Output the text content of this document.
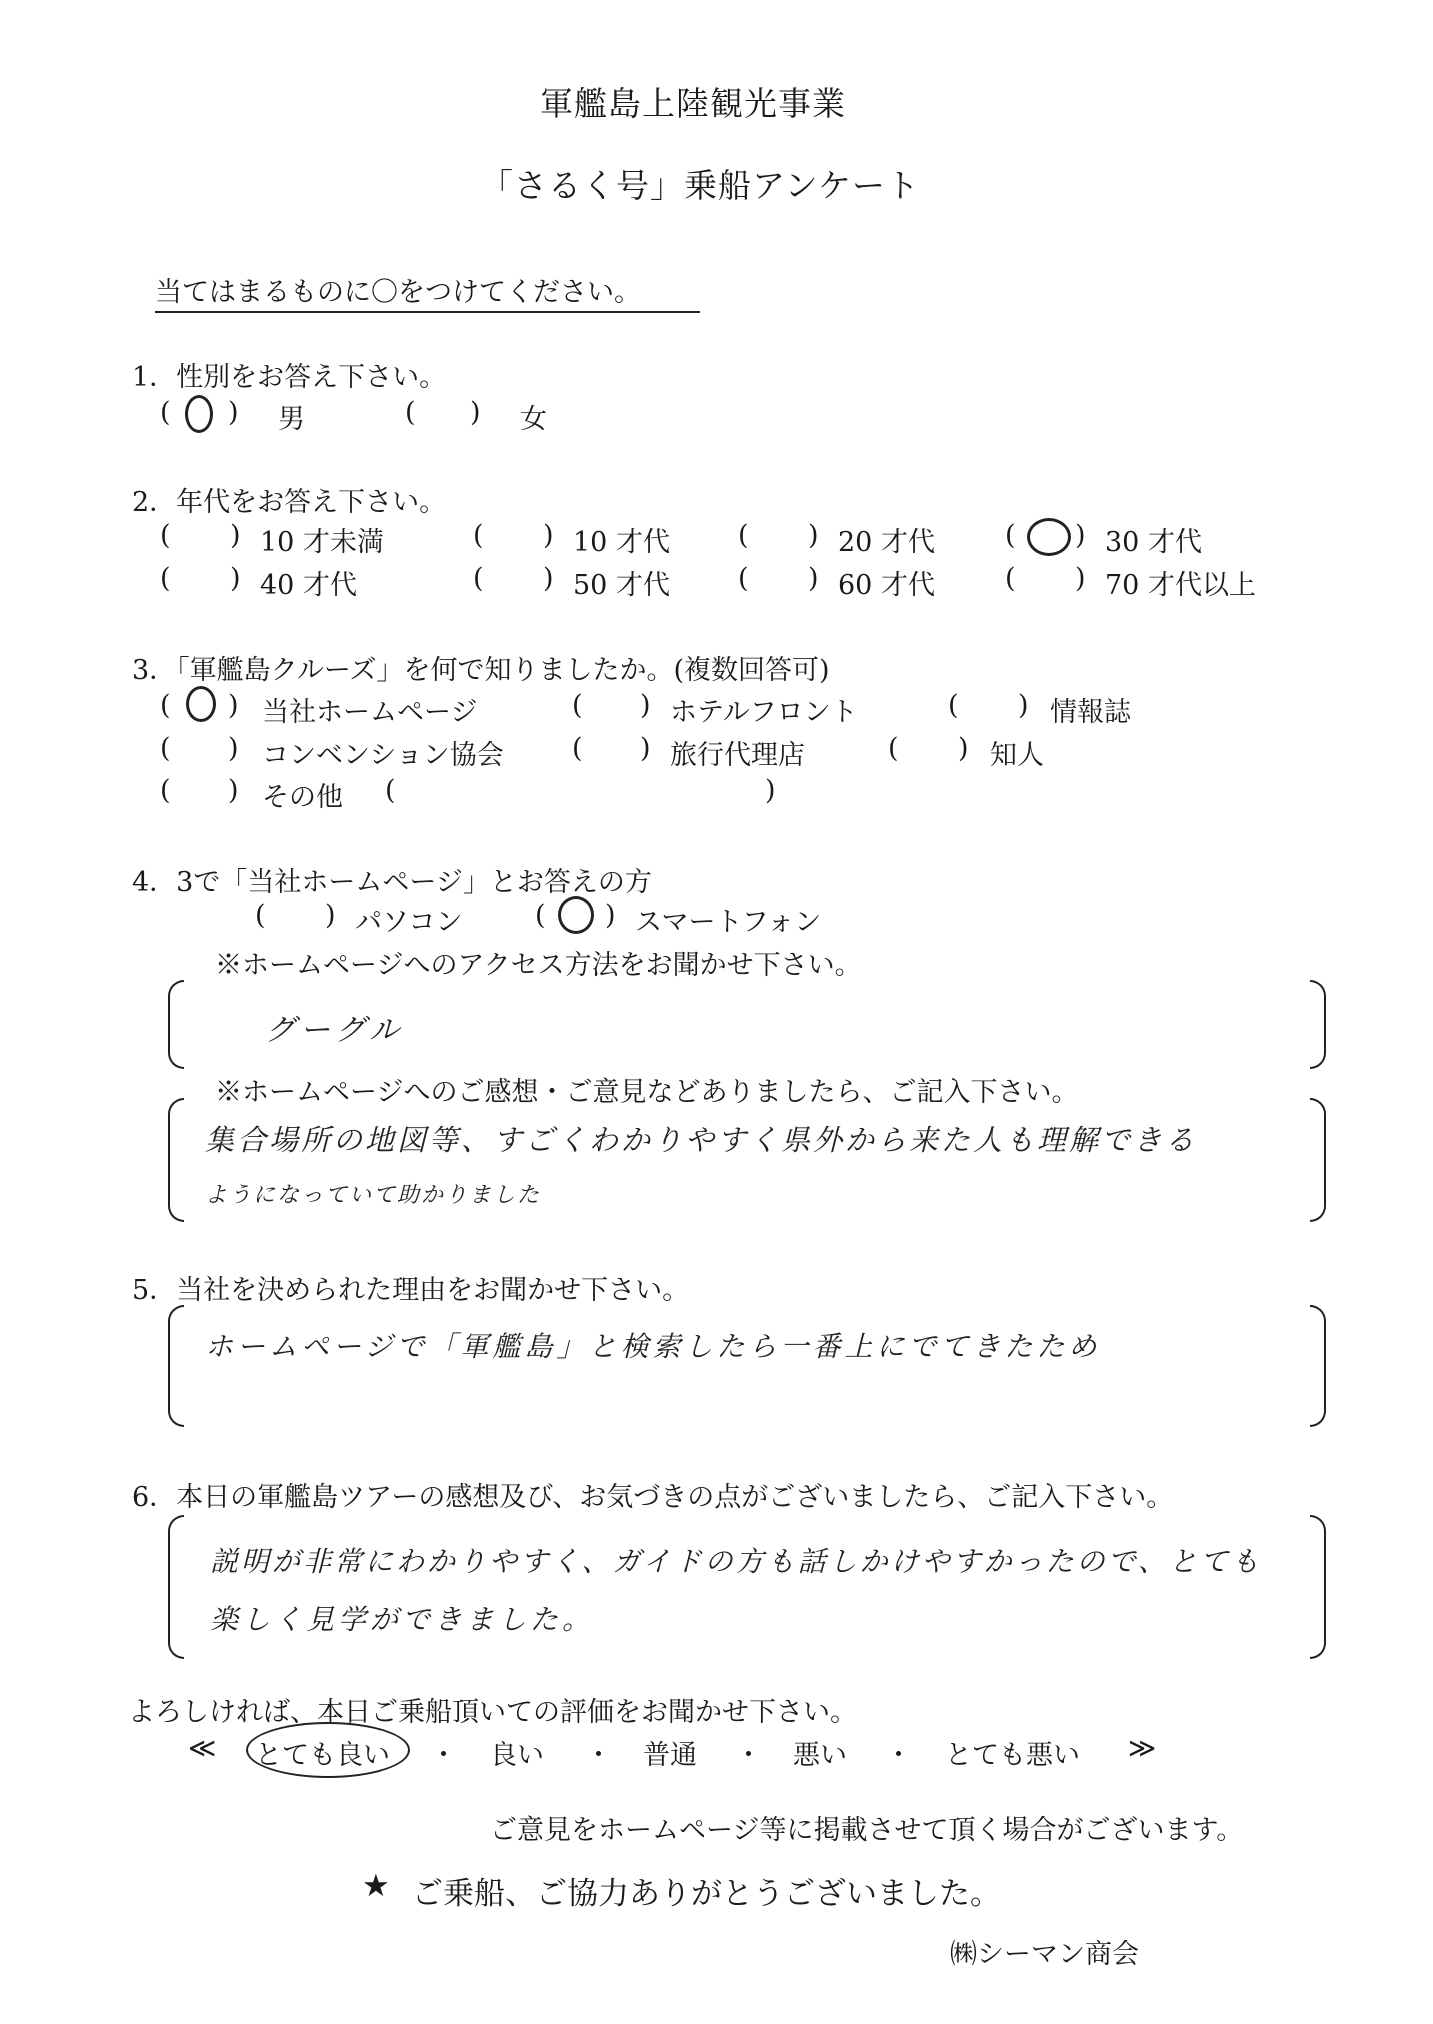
軍艦島上陸観光事業
「さるく号」乗船アンケート
当てはまるものに〇をつけてください。
1．性別をお答え下さい。
( ) 男	( ) 女
2．年代をお答え下さい。
( ) 10 才未満	( ) 10 才代	( ) 20 才代	( ) 30 才代
( ) 40 才代	( ) 50 才代	( ) 60 才代	( ) 70 才代以上
3．「軍艦島クルーズ」を何で知りましたか。(複数回答可)
( ) 当社ホームページ	( ) ホテルフロント	( ) 情報誌
( ) コンベンション協会	( ) 旅行代理店	( ) 知人
( ) その他 (	)
4．3で「当社ホームページ」とお答えの方
( ) パソコン	( ) スマートフォン
※ホームページへのアクセス方法をお聞かせ下さい。
グーグル
※ホームページへのご感想・ご意見などありましたら、ご記入下さい。
集合場所の地図等、すごくわかりやすく県外から来た人も理解できる
ようになっていて助かりました
5．当社を決められた理由をお聞かせ下さい。
ホームページで「軍艦島」と検索したら一番上にでてきたため
6．本日の軍艦島ツアーの感想及び、お気づきの点がございましたら、ご記入下さい。
説明が非常にわかりやすく、ガイドの方も話しかけやすかったので、とても
楽しく見学ができました。
よろしければ、本日ご乗船頂いての評価をお聞かせ下さい。
≪ とても良い ・ 良い ・ 普通 ・ 悪い ・ とても悪い ≫
ご意見をホームページ等に掲載させて頂く場合がございます。
★ ご乗船、ご協力ありがとうございました。
㈱シーマン商会
